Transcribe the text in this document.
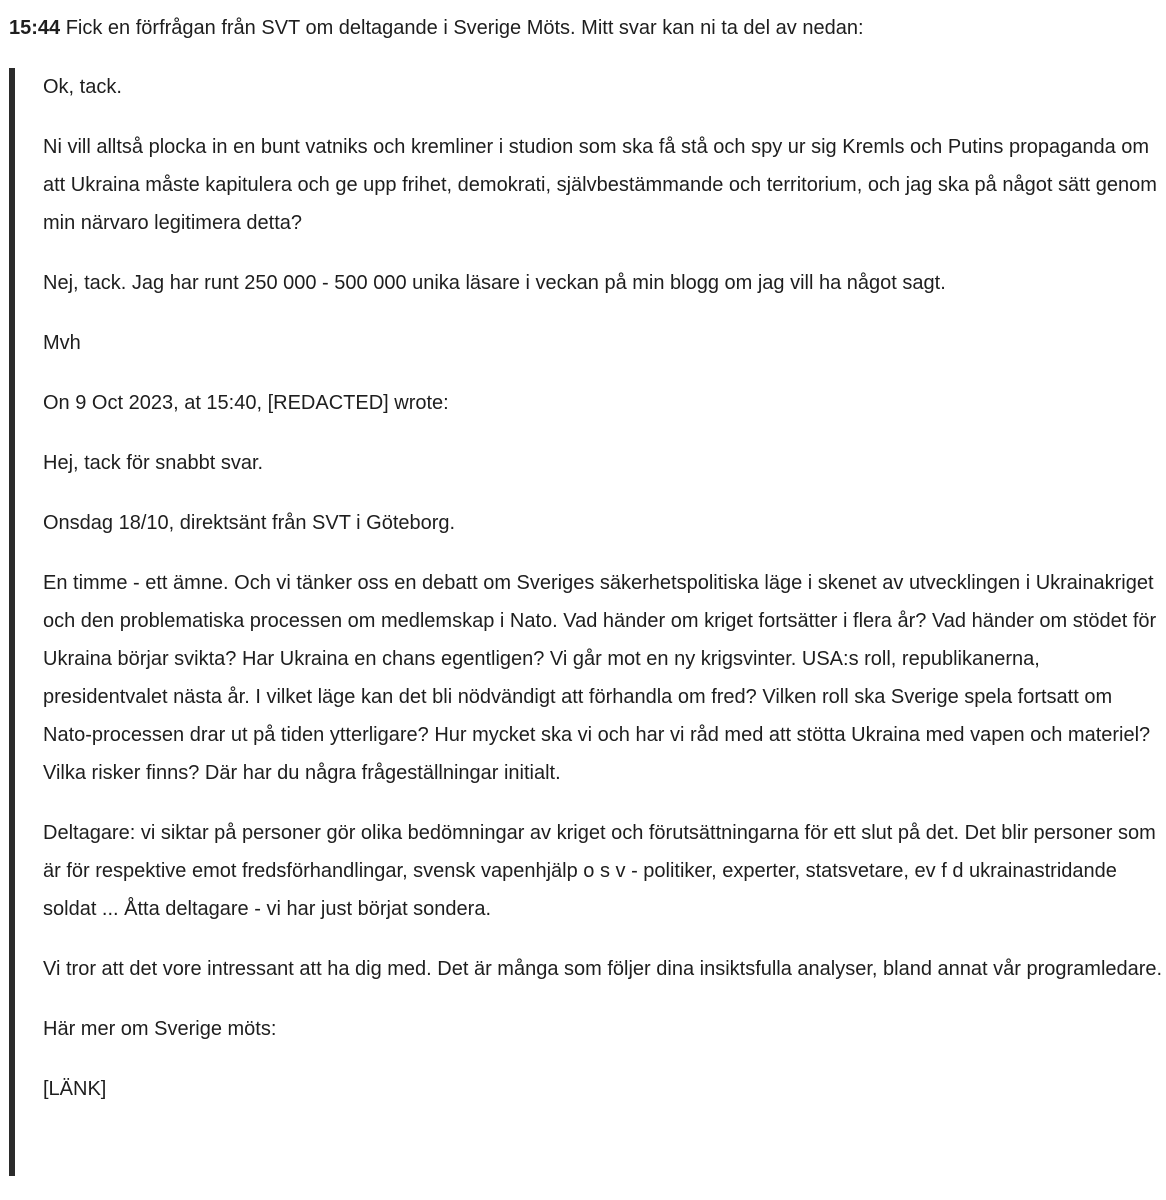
15:44 Fick en förfrågan från SVT om deltagande i Sverige Möts. Mitt svar kan ni ta del av nedan:

Ok, tack.

Ni vill alltså plocka in en bunt vatniks och kremliner i studion som ska få stå och spy ur sig Kremls och Putins propaganda om att Ukraina måste kapitulera och ge upp frihet, demokrati, självbestämmande och territorium, och jag ska på något sätt genom min närvaro legitimera detta?

Nej, tack. Jag har runt 250 000 - 500 000 unika läsare i veckan på min blogg om jag vill ha något sagt.

Mvh

On 9 Oct 2023, at 15:40, [REDACTED] wrote:

Hej, tack för snabbt svar.

Onsdag 18/10, direktsänt från SVT i Göteborg.

En timme - ett ämne. Och vi tänker oss en debatt om Sveriges säkerhetspolitiska läge i skenet av utvecklingen i Ukrainakriget och den problematiska processen om medlemskap i Nato. Vad händer om kriget fortsätter i flera år? Vad händer om stödet för Ukraina börjar svikta? Har Ukraina en chans egentligen? Vi går mot en ny krigsvinter. USA:s roll, republikanerna, presidentvalet nästa år. I vilket läge kan det bli nödvändigt att förhandla om fred? Vilken roll ska Sverige spela fortsatt om Nato-processen drar ut på tiden ytterligare? Hur mycket ska vi och har vi råd med att stötta Ukraina med vapen och materiel? Vilka risker finns? Där har du några frågeställningar initialt.

Deltagare: vi siktar på personer gör olika bedömningar av kriget och förutsättningarna för ett slut på det. Det blir personer som är för respektive emot fredsförhandlingar, svensk vapenhjälp o s v - politiker, experter, statsvetare, ev f d ukrainastridande soldat ... Åtta deltagare - vi har just börjat sondera.

Vi tror att det vore intressant att ha dig med. Det är många som följer dina insiktsfulla analyser, bland annat vår programledare.

Här mer om Sverige möts:

[LÄNK]
